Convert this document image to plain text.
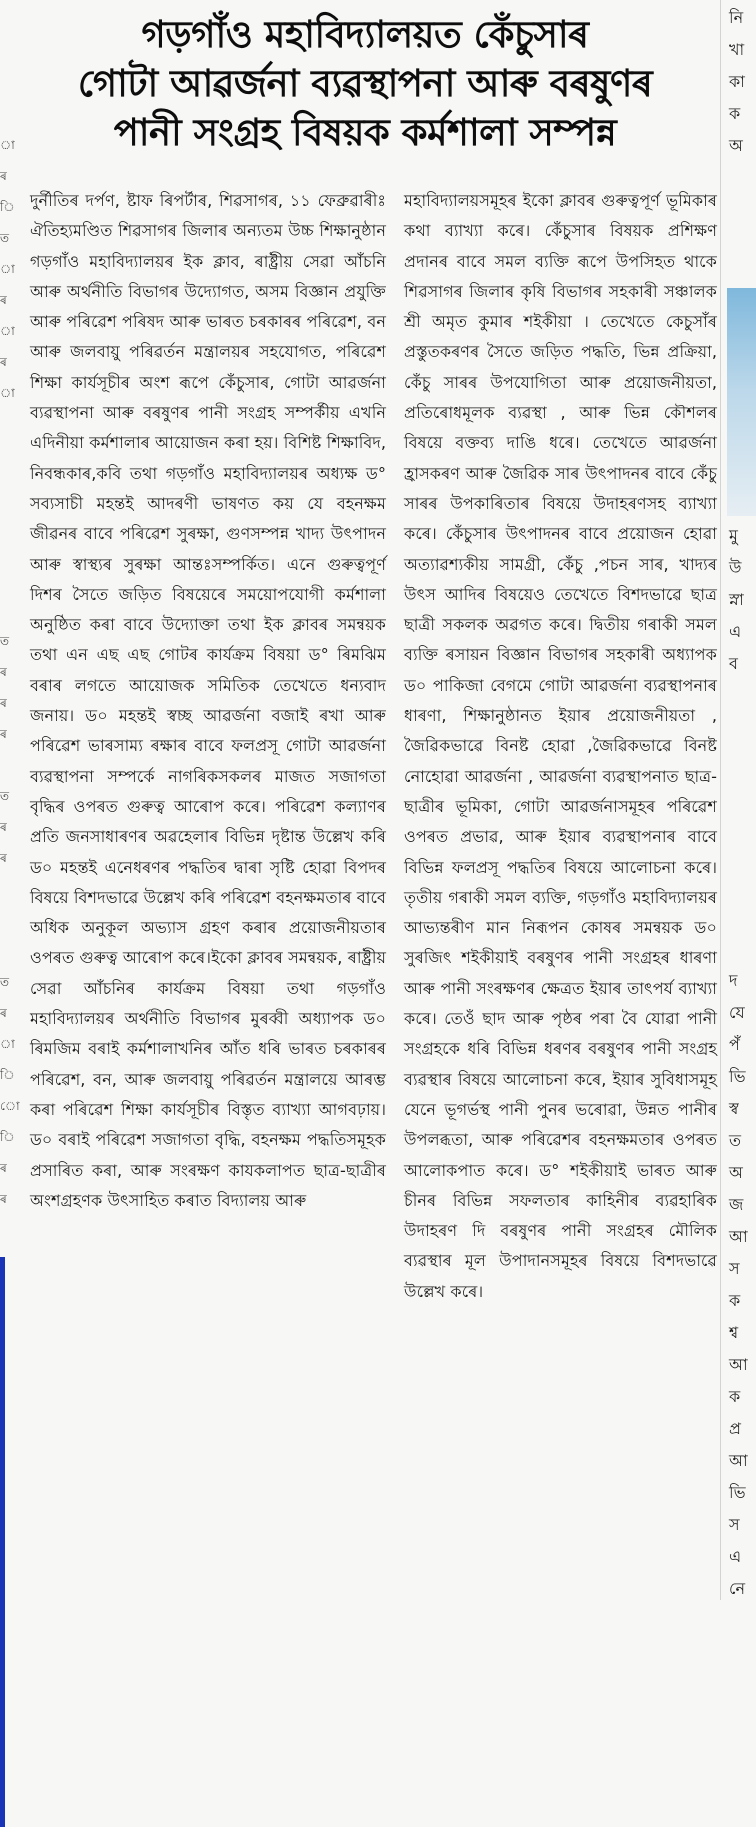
া
ৰ
ি
ত
া
ৰ
া
ৰ
া

ত
ৰ
ৰ
ৰ

ত
ৰ
ৰ

ত
ৰ
া
ি
ো
ি
ৰ
ৰ

নি
খা
কা
ক
অ
মু
উ
স্না
এ
ব
দ
যে
পঁ
ভি
স্ব
ত
অ
জ
আ
স
ক
শ্ব
আ
ক
প্ৰ
আ
ভি
স
এ
নে
গড়গাঁও মহাবিদ্যালয়ত কেঁচুসাৰ
গোটা আৱৰ্জনা ব্যৱস্থাপনা আৰু বৰষুণৰ
পানী সংগ্ৰহ বিষয়ক কৰ্মশালা সম্পন্ন

দুৰ্নীতিৰ দৰ্পণ, ষ্টাফ ৰিপৰ্টাৰ, শিৱসাগৰ, ১১ ফেব্ৰুৱাৰীঃ ঐতিহ্যমণ্ডিত শিৱসাগৰ জিলাৰ অন্যতম উচ্চ শিক্ষানুষ্ঠান গড়গাঁও মহাবিদ্যালয়ৰ ইক ক্লাব, ৰাষ্ট্ৰীয় সেৱা আঁচনি আৰু অৰ্থনীতি বিভাগৰ উদ্যোগত, অসম বিজ্ঞান প্ৰযুক্তি আৰু পৰিৱেশ পৰিষদ আৰু ভাৰত চৰকাৰৰ পৰিৱেশ, বন আৰু জলবায়ু পৰিৱৰ্তন মন্ত্ৰালয়ৰ সহযোগত, পৰিৱেশ শিক্ষা কাৰ্যসূচীৰ অংশ ৰূপে কেঁচুসাৰ, গোটা আৱৰ্জনা ব্যৱস্থাপনা আৰু বৰষুণৰ পানী সংগ্ৰহ সম্পৰ্কীয় এখনি এদিনীয়া কৰ্মশালাৰ আয়োজন কৰা হয়। বিশিষ্ট শিক্ষাবিদ, নিবন্ধকাৰ,কবি তথা গড়গাঁও মহাবিদ্যালয়ৰ অধ্যক্ষ ড° সব্যসাচী মহন্তই আদৰণী ভাষণত কয় যে বহনক্ষম জীৱনৰ বাবে পৰিৱেশ সুৰক্ষা, গুণসম্পন্ন খাদ্য উৎপাদন আৰু স্বাস্থ্যৰ সুৰক্ষা আন্তঃসম্পৰ্কিত। এনে গুৰুত্বপূৰ্ণ দিশৰ সৈতে জড়িত বিষয়েৰে সময়োপযোগী কৰ্মশালা অনুষ্ঠিত কৰা বাবে উদ্যোক্তা তথা ইক ক্লাবৰ সমন্বয়ক তথা এন এছ এছ গোটৰ কাৰ্যক্ৰম বিষয়া ড° ৰিমঝিম বৰাৰ লগতে আয়োজক সমিতিক তেখেতে ধন্যবাদ জনায়। ড০ মহন্তই স্বচ্ছ আৱৰ্জনা বজাই ৰখা আৰু পৰিৱেশ ভাৰসাম্য ৰক্ষাৰ বাবে ফলপ্ৰসূ গোটা আৱৰ্জনা ব্যৱস্থাপনা সম্পৰ্কে নাগৰিকসকলৰ মাজত সজাগতা বৃদ্ধিৰ ওপৰত গুৰুত্ব আৰোপ কৰে। পৰিৱেশ কল্যাণৰ প্ৰতি জনসাধাৰণৰ অৱহেলাৰ বিভিন্ন দৃষ্টান্ত উল্লেখ কৰি ড০ মহন্তই এনেধৰণৰ পদ্ধতিৰ দ্বাৰা সৃষ্টি হোৱা বিপদৰ বিষয়ে বিশদভাৱে উল্লেখ কৰি পৰিৱেশ বহনক্ষমতাৰ বাবে অধিক অনুকূল অভ্যাস গ্ৰহণ কৰাৰ প্ৰয়োজনীয়তাৰ ওপৰত গুৰুত্ব আৰোপ কৰে।ইকো ক্লাবৰ সমন্বয়ক, ৰাষ্ট্ৰীয় সেৱা আঁচনিৰ কাৰ্যক্ৰম বিষয়া তথা গড়গাঁও মহাবিদ্যালয়ৰ অৰ্থনীতি বিভাগৰ মুৰব্বী অধ্যাপক ড০ ৰিমজিম বৰাই কৰ্মশালাখনিৰ আঁত ধৰি ভাৰত চৰকাৰৰ পৰিৱেশ, বন, আৰু জলবায়ু পৰিৱৰ্তন মন্ত্ৰালয়ে আৰম্ভ কৰা পৰিৱেশ শিক্ষা কাৰ্যসূচীৰ বিস্তৃত ব্যাখ্যা আগবঢ়ায়।ড০ বৰাই পৰিৱেশ সজাগতা বৃদ্ধি, বহনক্ষম পদ্ধতিসমূহক প্ৰসাৰিত কৰা, আৰু সংৰক্ষণ কাযকলাপত ছাত্ৰ-ছাত্ৰীৰ অংশগ্ৰহণক উৎসাহিত কৰাত বিদ্যালয় আৰু

মহাবিদ্যালয়সমূহৰ ইকো ক্লাবৰ গুৰুত্বপূৰ্ণ ভূমিকাৰ কথা ব্যাখ্যা কৰে। কেঁচুসাৰ বিষয়ক প্ৰশিক্ষণ প্ৰদানৰ বাবে সমল ব্যক্তি ৰূপে উপসিহত থাকে শিৱসাগৰ জিলাৰ কৃষি বিভাগৰ সহকাৰী সঞ্চালক শ্ৰী অমৃত কুমাৰ শইকীয়া । তেখেতে কেচুসাঁৰ প্ৰস্তুতকৰণৰ সৈতে জড়িত পদ্ধতি, ভিন্ন প্ৰক্ৰিয়া, কেঁচু সাৰৰ উপযোগিতা আৰু প্ৰয়োজনীয়তা, প্ৰতিৰোধমূলক ব্যৱস্থা , আৰু ভিন্ন কৌশলৰ বিষয়ে বক্তব্য দাঙি ধৰে। তেখেতে আৱৰ্জনা হ্ৰাসকৰণ আৰু জৈৱিক সাৰ উৎপাদনৰ বাবে কেঁচু সাৰৰ উপকাৰিতাৰ বিষয়ে উদাহৰণসহ ব্যাখ্যা কৰে। কেঁচুসাৰ উৎপাদনৰ বাবে প্ৰয়োজন হোৱা অত্যাৱশ্যকীয় সামগ্ৰী, কেঁচু ,পচন সাৰ, খাদ্যৰ উৎস আদিৰ বিষয়েও তেখেতে বিশদভাৱে ছাত্ৰ ছাত্ৰী সকলক অৱগত কৰে। দ্বিতীয় গৰাকী সমল ব্যক্তি ৰসায়ন বিজ্ঞান বিভাগৰ সহকাৰী অধ্যাপক ড০ পাকিজা বেগমে গোটা আৱৰ্জনা ব্যৱস্থাপনাৰ ধাৰণা, শিক্ষানুষ্ঠানত ইয়াৰ প্ৰয়োজনীয়তা , জৈৱিকভাৱে বিনষ্ট হোৱা ,জৈৱিকভাৱে বিনষ্ট নোহোৱা আৱৰ্জনা , আৱৰ্জনা ব্যৱস্থাপনাত ছাত্ৰ-ছাত্ৰীৰ ভূমিকা, গোটা আৱৰ্জনাসমূহৰ পৰিৱেশ ওপৰত প্ৰভাৱ, আৰু ইয়াৰ ব্যৱস্থাপনাৰ বাবে বিভিন্ন ফলপ্ৰসূ পদ্ধতিৰ বিষয়ে আলোচনা কৰে। তৃতীয় গৰাকী সমল ব্যক্তি, গড়গাঁও মহাবিদ্যালয়ৰ আভ্যন্তৰীণ মান নিৰূপন কোষৰ সমন্বয়ক ড০ সুৰজিৎ শইকীয়াই বৰষুণৰ পানী সংগ্ৰহৰ ধাৰণা আৰু পানী সংৰক্ষণৰ ক্ষেত্ৰত ইয়াৰ তাৎপৰ্য ব্যাখ্যা কৰে। তেওঁ ছাদ আৰু পৃষ্ঠৰ পৰা বৈ যোৱা পানী সংগ্ৰহকে ধৰি বিভিন্ন ধৰণৰ বৰষুণৰ পানী সংগ্ৰহ ব্যৱস্থাৰ বিষয়ে আলোচনা কৰে, ইয়াৰ সুবিধাসমূহ যেনে ভূগৰ্ভস্থ পানী পুনৰ ভৰোৱা, উন্নত পানীৰ উপলব্ধতা, আৰু পৰিৱেশৰ বহনক্ষমতাৰ ওপৰত আলোকপাত কৰে। ড° শইকীয়াই ভাৰত আৰু চীনৰ বিভিন্ন সফলতাৰ কাহিনীৰ ব্যৱহাৰিক উদাহৰণ দি বৰষুণৰ পানী সংগ্ৰহৰ মৌলিক ব্যৱস্থাৰ মূল উপাদানসমূহৰ বিষয়ে বিশদভাৱে উল্লেখ কৰে।
